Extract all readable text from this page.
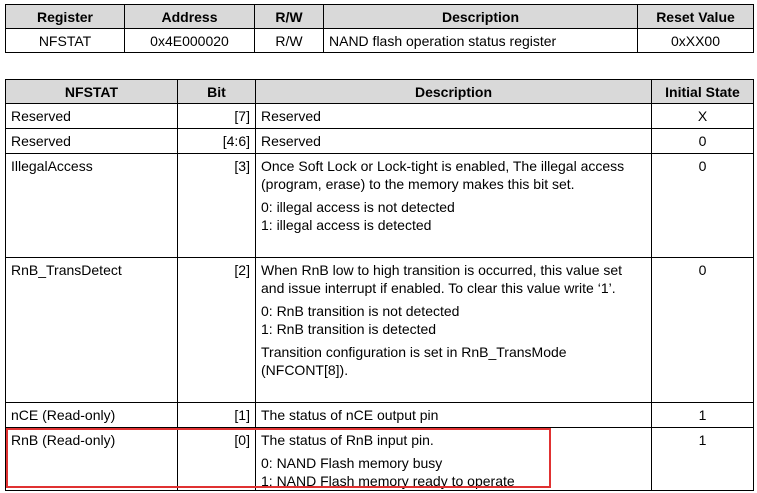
Register	Address	R/W	Description	Reset Value
NFSTAT	0x4E000020	R/W	NAND flash operation status register	0xXX00
NFSTAT	Bit	Description	Initial State
Reserved	[7]	Reserved	X
Reserved	[4:6]	Reserved	0
IllegalAccess	[3]	Once Soft Lock or Lock-tight is enabled, The illegal access (program, erase) to the memory makes this bit set.

0: illegal access is not detected

1: illegal access is detected	0
RnB_TransDetect	[2]	When RnB low to high transition is occurred, this value set and issue interrupt if enabled. To clear this value write ‘1’.

0: RnB transition is not detected

1: RnB transition is detected

Transition configuration is set in RnB_TransMode (NFCONT[8]).	0
nCE (Read-only)	[1]	The status of nCE output pin	1
RnB (Read-only)	[0]	The status of RnB input pin.

0: NAND Flash memory busy

1: NAND Flash memory ready to operate	1
